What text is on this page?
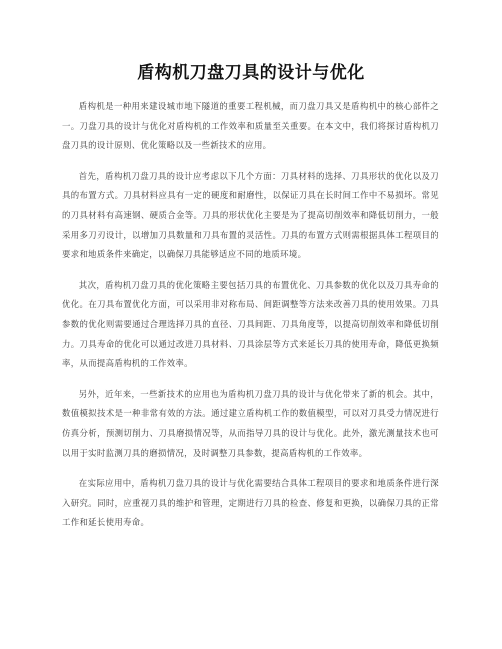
盾构机刀盘刀具的设计与优化

盾构机是一种用来建设城市地下隧道的重要工程机械，而刀盘刀具又是盾构机中的核心部件之一。刀盘刀具的设计与优化对盾构机的工作效率和质量至关重要。在本文中，我们将探讨盾构机刀盘刀具的设计原则、优化策略以及一些新技术的应用。

首先，盾构机刀盘刀具的设计应考虑以下几个方面：刀具材料的选择、刀具形状的优化以及刀具的布置方式。刀具材料应具有一定的硬度和耐磨性，以保证刀具在长时间工作中不易损坏。常见的刀具材料有高速钢、硬质合金等。刀具的形状优化主要是为了提高切削效率和降低切削力，一般采用多刀刃设计，以增加刀具数量和刀具布置的灵活性。刀具的布置方式则需根据具体工程项目的要求和地质条件来确定，以确保刀具能够适应不同的地质环境。

其次，盾构机刀盘刀具的优化策略主要包括刀具的布置优化、刀具参数的优化以及刀具寿命的优化。在刀具布置优化方面，可以采用非对称布局、间距调整等方法来改善刀具的使用效果。刀具参数的优化则需要通过合理选择刀具的直径、刀具间距、刀具角度等，以提高切削效率和降低切削力。刀具寿命的优化可以通过改进刀具材料、刀具涂层等方式来延长刀具的使用寿命，降低更换频率，从而提高盾构机的工作效率。

另外，近年来，一些新技术的应用也为盾构机刀盘刀具的设计与优化带来了新的机会。其中，数值模拟技术是一种非常有效的方法。通过建立盾构机工作的数值模型，可以对刀具受力情况进行仿真分析，预测切削力、刀具磨损情况等，从而指导刀具的设计与优化。此外，激光测量技术也可以用于实时监测刀具的磨损情况，及时调整刀具参数，提高盾构机的工作效率。

在实际应用中，盾构机刀盘刀具的设计与优化需要结合具体工程项目的要求和地质条件进行深入研究。同时，应重视刀具的维护和管理，定期进行刀具的检查、修复和更换，以确保刀具的正常工作和延长使用寿命。
